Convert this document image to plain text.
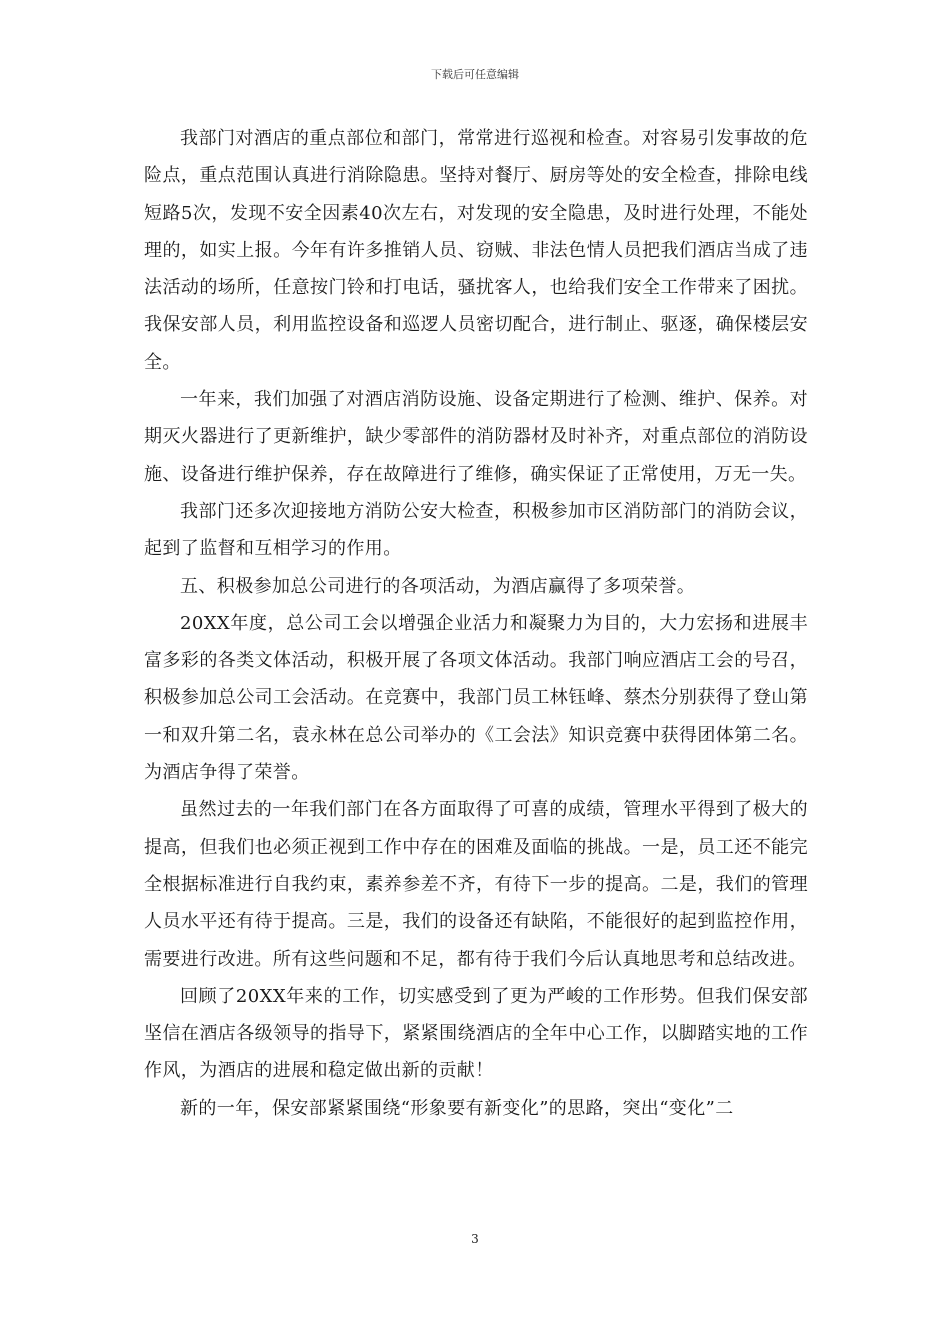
下载后可任意编辑

我部门对酒店的重点部位和部门，常常进行巡视和检查。对容易引发事故的危险点，重点范围认真进行消除隐患。坚持对餐厅、厨房等处的安全检查，排除电线短路5次，发现不安全因素40次左右，对发现的安全隐患，及时进行处理，不能处理的，如实上报。今年有许多推销人员、窃贼、非法色情人员把我们酒店当成了违法活动的场所，任意按门铃和打电话，骚扰客人，也给我们安全工作带来了困扰。我保安部人员，利用监控设备和巡逻人员密切配合，进行制止、驱逐，确保楼层安全。

一年来，我们加强了对酒店消防设施、设备定期进行了检测、维护、保养。对期灭火器进行了更新维护，缺少零部件的消防器材及时补齐，对重点部位的消防设施、设备进行维护保养，存在故障进行了维修，确实保证了正常使用，万无一失。

我部门还多次迎接地方消防公安大检查，积极参加市区消防部门的消防会议，起到了监督和互相学习的作用。

五、积极参加总公司进行的各项活动，为酒店赢得了多项荣誉。

20XX年度，总公司工会以增强企业活力和凝聚力为目的，大力宏扬和进展丰富多彩的各类文体活动，积极开展了各项文体活动。我部门响应酒店工会的号召，积极参加总公司工会活动。在竞赛中，我部门员工林钰峰、蔡杰分别获得了登山第一和双升第二名，袁永林在总公司举办的《工会法》知识竞赛中获得团体第二名。为酒店争得了荣誉。

虽然过去的一年我们部门在各方面取得了可喜的成绩，管理水平得到了极大的提高，但我们也必须正视到工作中存在的困难及面临的挑战。一是，员工还不能完全根据标准进行自我约束，素养参差不齐，有待下一步的提高。二是，我们的管理人员水平还有待于提高。三是，我们的设备还有缺陷，不能很好的起到监控作用，需要进行改进。所有这些问题和不足，都有待于我们今后认真地思考和总结改进。

回顾了20XX年来的工作，切实感受到了更为严峻的工作形势。但我们保安部坚信在酒店各级领导的指导下，紧紧围绕酒店的全年中心工作，以脚踏实地的工作作风，为酒店的进展和稳定做出新的贡献！

新的一年，保安部紧紧围绕“形象要有新变化”的思路，突出“变化”二

3
